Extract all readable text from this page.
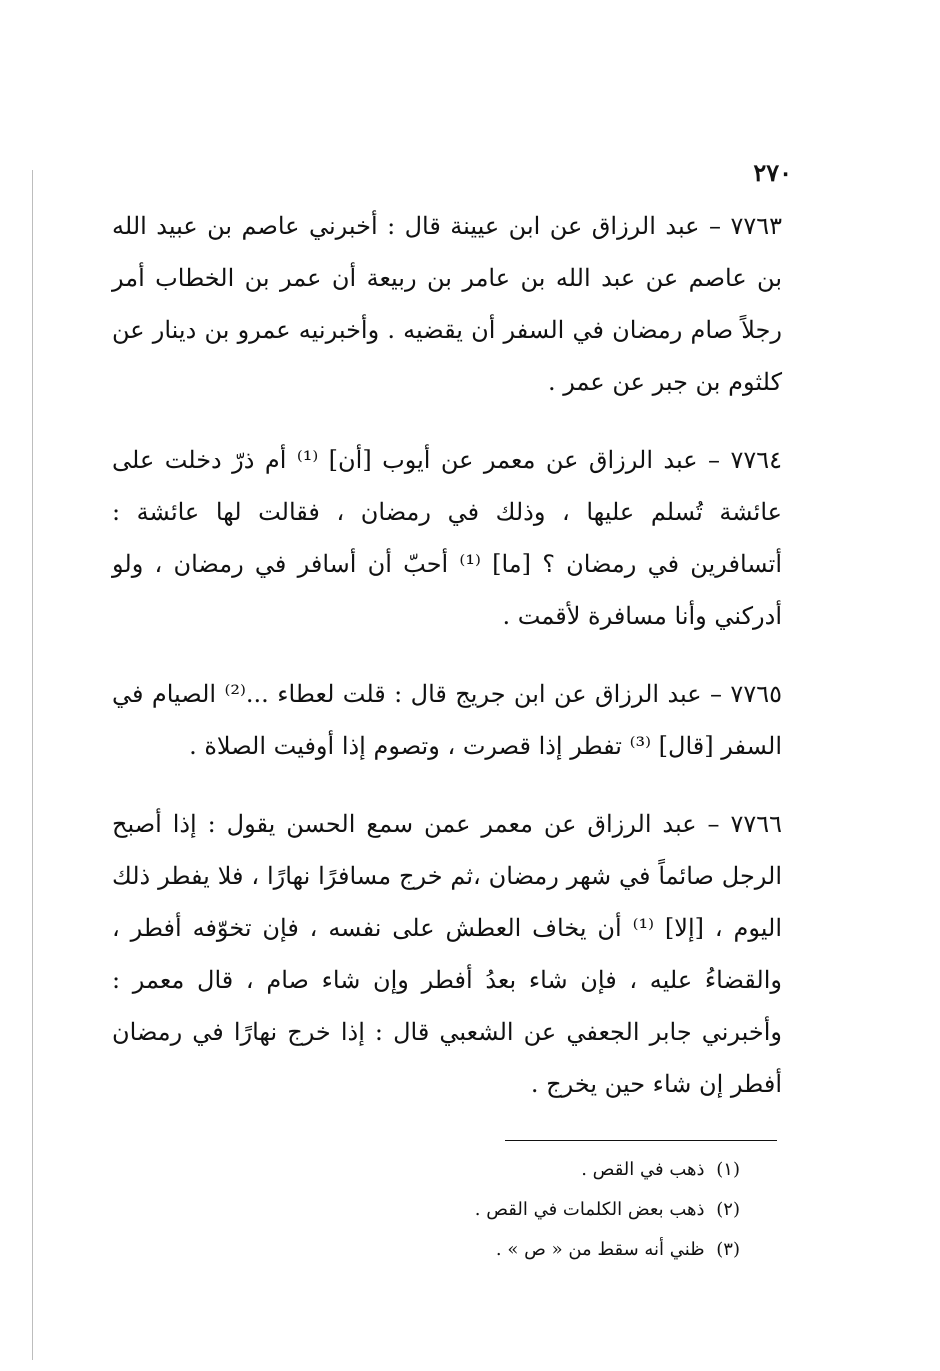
٢٧٠

٧٧٦٣ – عبد الرزاق عن ابن عيينة قال : أخبرني عاصم بن عبيد الله بن عاصم عن عبد الله بن عامر بن ربيعة أن عمر بن الخطاب أمر رجلاً صام رمضان في السفر أن يقضيه . وأخبرنيه عمرو بن دينار عن كلثوم بن جبر عن عمر .

٧٧٦٤ – عبد الرزاق عن معمر عن أيوب [أن] ⁽¹⁾ أم ذرّ دخلت على عائشة تُسلم عليها ، وذلك في رمضان ، فقالت لها عائشة : أتسافرين في رمضان ؟ [ما] ⁽¹⁾ أحبّ أن أسافر في رمضان ، ولو أدركني وأنا مسافرة لأقمت .

٧٧٦٥ – عبد الرزاق عن ابن جريج قال : قلت لعطاء ...⁽²⁾ الصيام في السفر [قال] ⁽³⁾ تفطر إذا قصرت ، وتصوم إذا أوفيت الصلاة .

٧٧٦٦ – عبد الرزاق عن معمر عمن سمع الحسن يقول : إذا أصبح الرجل صائماً في شهر رمضان ،ثم خرج مسافرًا نهارًا ، فلا يفطر ذلك اليوم ، [إلا] ⁽¹⁾ أن يخاف العطش على نفسه ، فإن تخوّفه أفطر ، والقضاءُ عليه ، فإن شاء بعدُ أفطر وإن شاء صام ، قال معمر : وأخبرني جابر الجعفي عن الشعبي قال : إذا خرج نهارًا في رمضان أفطر إن شاء حين يخرج .

(١) ذهب في القص .
(٢) ذهب بعض الكلمات في القص .
(٣) ظني أنه سقط من « ص » .
